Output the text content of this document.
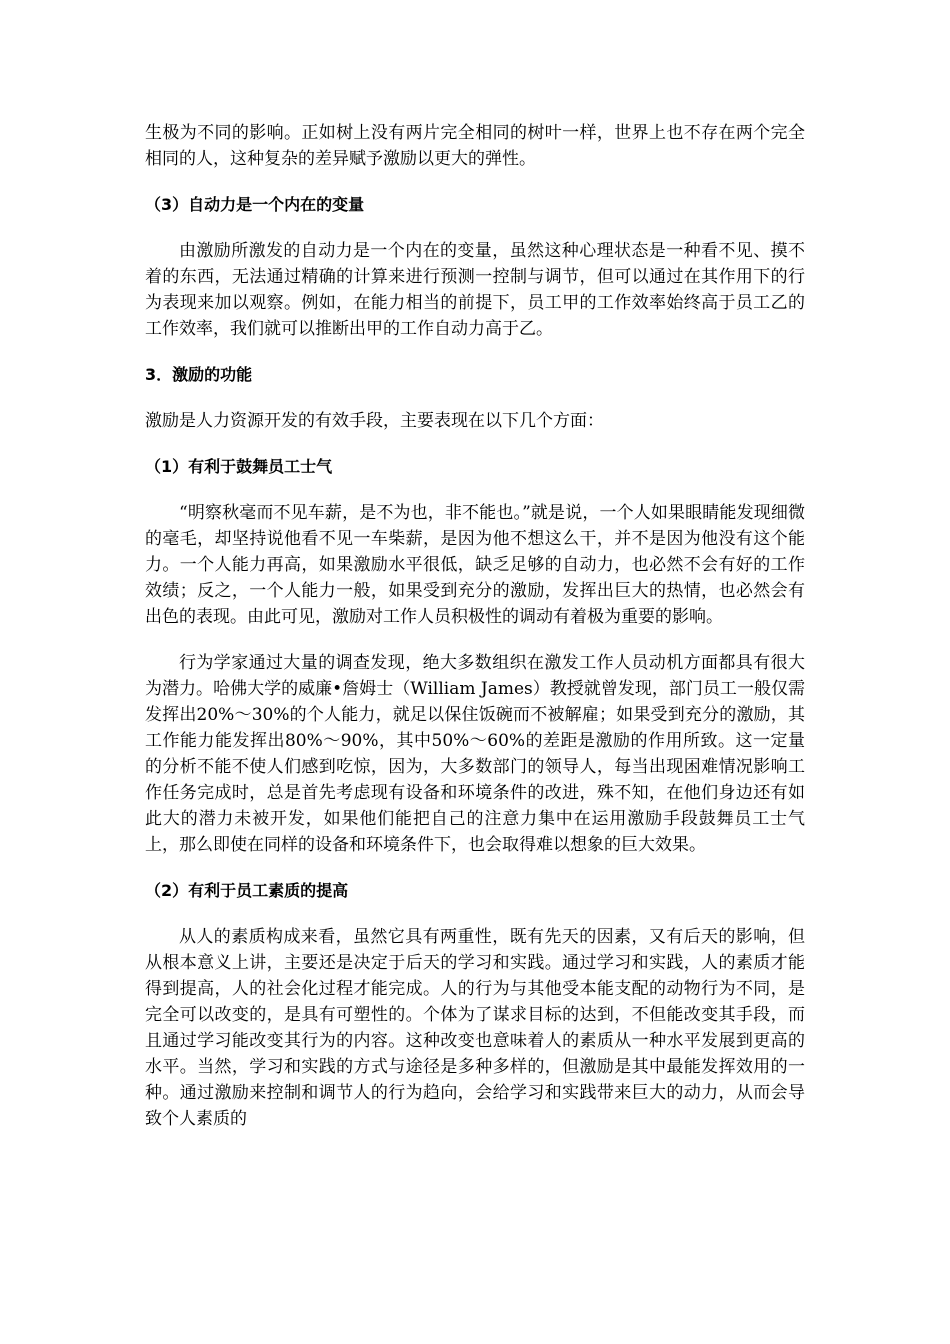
生极为不同的影响。正如树上没有两片完全相同的树叶一样，世界上也不存在两个完全相同的人，这种复杂的差异赋予激励以更大的弹性。

（3）自动力是一个内在的变量

由激励所激发的自动力是一个内在的变量，虽然这种心理状态是一种看不见、摸不着的东西，无法通过精确的计算来进行预测一控制与调节，但可以通过在其作用下的行为表现来加以观察。例如，在能力相当的前提下，员工甲的工作效率始终高于员工乙的工作效率，我们就可以推断出甲的工作自动力高于乙。

3．激励的功能

激励是人力资源开发的有效手段，主要表现在以下几个方面：

（1）有利于鼓舞员工士气

“明察秋毫而不见车薪，是不为也，非不能也。”就是说，一个人如果眼睛能发现细微的毫毛，却坚持说他看不见一车柴薪，是因为他不想这么干，并不是因为他没有这个能力。一个人能力再高，如果激励水平很低，缺乏足够的自动力，也必然不会有好的工作效绩；反之，一个人能力一般，如果受到充分的激励，发挥出巨大的热情，也必然会有出色的表现。由此可见，激励对工作人员积极性的调动有着极为重要的影响。

行为学家通过大量的调查发现，绝大多数组织在激发工作人员动机方面都具有很大为潜力。哈佛大学的威廉•詹姆士（William James）教授就曾发现，部门员工一般仅需发挥出20%～30%的个人能力，就足以保住饭碗而不被解雇；如果受到充分的激励，其工作能力能发挥出80%～90%，其中50%～60%的差距是激励的作用所致。这一定量的分析不能不使人们感到吃惊，因为，大多数部门的领导人，每当出现困难情况影响工作任务完成时，总是首先考虑现有设备和环境条件的改进，殊不知，在他们身边还有如此大的潜力未被开发，如果他们能把自己的注意力集中在运用激励手段鼓舞员工士气上，那么即使在同样的设备和环境条件下，也会取得难以想象的巨大效果。

（2）有利于员工素质的提高

从人的素质构成来看，虽然它具有两重性，既有先天的因素，又有后天的影响，但从根本意义上讲，主要还是决定于后天的学习和实践。通过学习和实践，人的素质才能得到提高，人的社会化过程才能完成。人的行为与其他受本能支配的动物行为不同，是完全可以改变的，是具有可塑性的。个体为了谋求目标的达到，不但能改变其手段，而且通过学习能改变其行为的内容。这种改变也意味着人的素质从一种水平发展到更高的水平。当然，学习和实践的方式与途径是多种多样的，但激励是其中最能发挥效用的一种。通过激励来控制和调节人的行为趋向，会给学习和实践带来巨大的动力，从而会导致个人素质的
